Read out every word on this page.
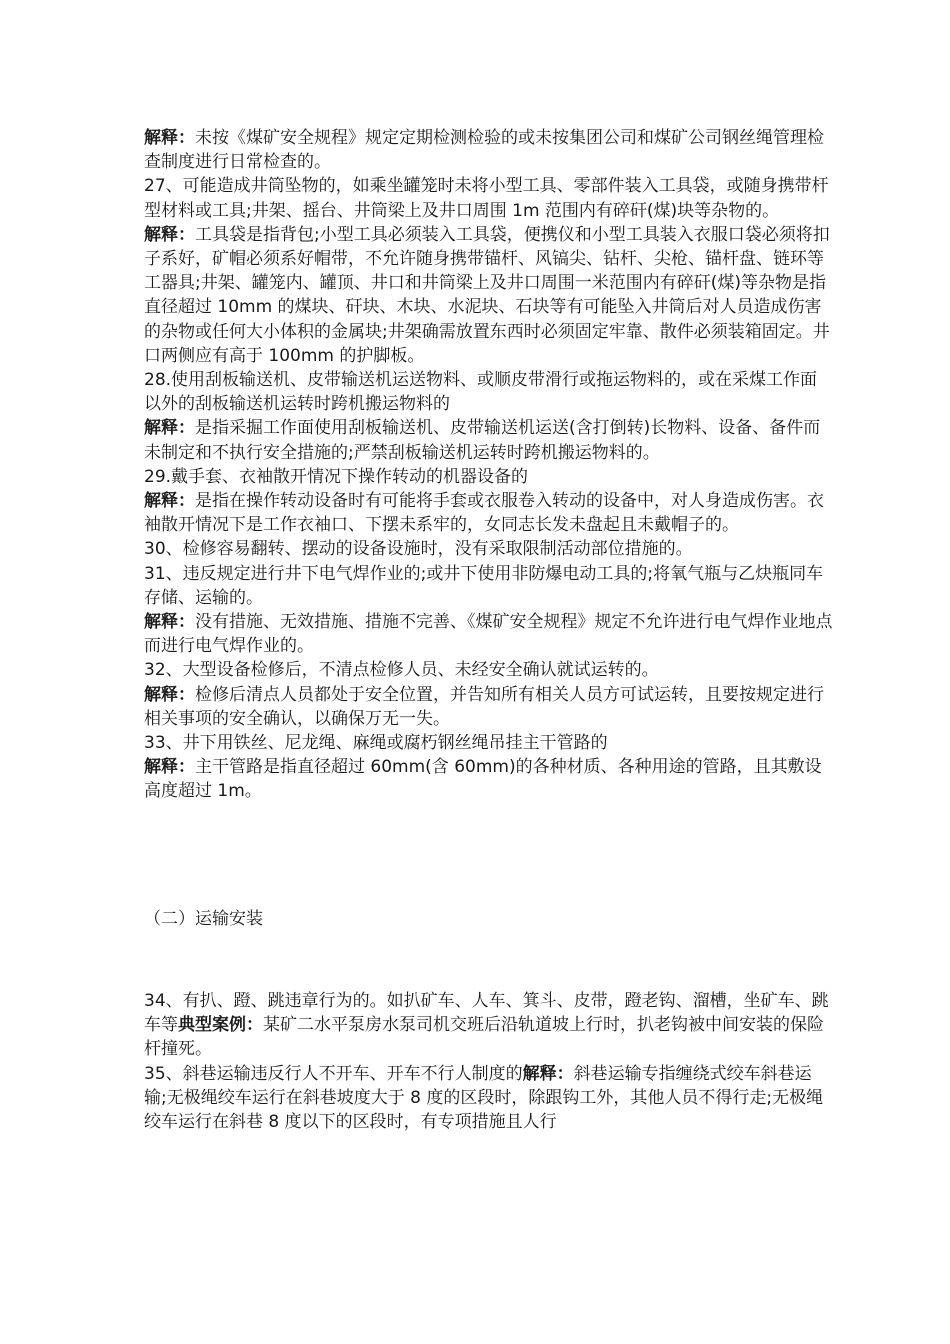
解释：未按《煤矿安全规程》规定定期检测检验的或未按集团公司和煤矿公司钢丝绳管理检查制度进行日常检查的。

27、可能造成井筒坠物的，如乘坐罐笼时未将小型工具、零部件装入工具袋，或随身携带杆型材料或工具;井架、摇台、井筒梁上及井口周围 1m 范围内有碎矸(煤)块等杂物的。

解释：工具袋是指背包;小型工具必须装入工具袋，便携仪和小型工具装入衣服口袋必须将扣子系好，矿帽必须系好帽带，不允许随身携带锚杆、风镐尖、钻杆、尖枪、锚杆盘、链环等工器具;井架、罐笼内、罐顶、井口和井筒梁上及井口周围一米范围内有碎矸(煤)等杂物是指直径超过 10mm 的煤块、矸块、木块、水泥块、石块等有可能坠入井筒后对人员造成伤害的杂物或任何大小体积的金属块;井架确需放置东西时必须固定牢靠、散件必须装箱固定。井口两侧应有高于 100mm 的护脚板。

28.使用刮板输送机、皮带输送机运送物料、或顺皮带滑行或拖运物料的，或在采煤工作面以外的刮板输送机运转时跨机搬运物料的

解释：是指采掘工作面使用刮板输送机、皮带输送机运送(含打倒转)长物料、设备、备件而未制定和不执行安全措施的;严禁刮板输送机运转时跨机搬运物料的。

29.戴手套、衣袖散开情况下操作转动的机器设备的

解释：是指在操作转动设备时有可能将手套或衣服卷入转动的设备中，对人身造成伤害。衣袖散开情况下是工作衣袖口、下摆未系牢的，女同志长发未盘起且未戴帽子的。

30、检修容易翻转、摆动的设备设施时，没有采取限制活动部位措施的。

31、违反规定进行井下电气焊作业的;或井下使用非防爆电动工具的;将氧气瓶与乙炔瓶同车存储、运输的。

解释：没有措施、无效措施、措施不完善、《煤矿安全规程》规定不允许进行电气焊作业地点而进行电气焊作业的。

32、大型设备检修后，不清点检修人员、未经安全确认就试运转的。

解释：检修后清点人员都处于安全位置，并告知所有相关人员方可试运转，且要按规定进行相关事项的安全确认，以确保万无一失。

33、井下用铁丝、尼龙绳、麻绳或腐朽钢丝绳吊挂主干管路的

解释：主干管路是指直径超过 60mm(含 60mm)的各种材质、各种用途的管路，且其敷设高度超过 1m。

（二）运输安装

34、有扒、蹬、跳违章行为的。如扒矿车、人车、箕斗、皮带，蹬老钩、溜槽，坐矿车、跳车等典型案例：某矿二水平泵房水泵司机交班后沿轨道坡上行时，扒老钩被中间安装的保险杆撞死。

35、斜巷运输违反行人不开车、开车不行人制度的解释：斜巷运输专指缠绕式绞车斜巷运输;无极绳绞车运行在斜巷坡度大于 8 度的区段时，除跟钩工外，其他人员不得行走;无极绳绞车运行在斜巷 8 度以下的区段时，有专项措施且人行
